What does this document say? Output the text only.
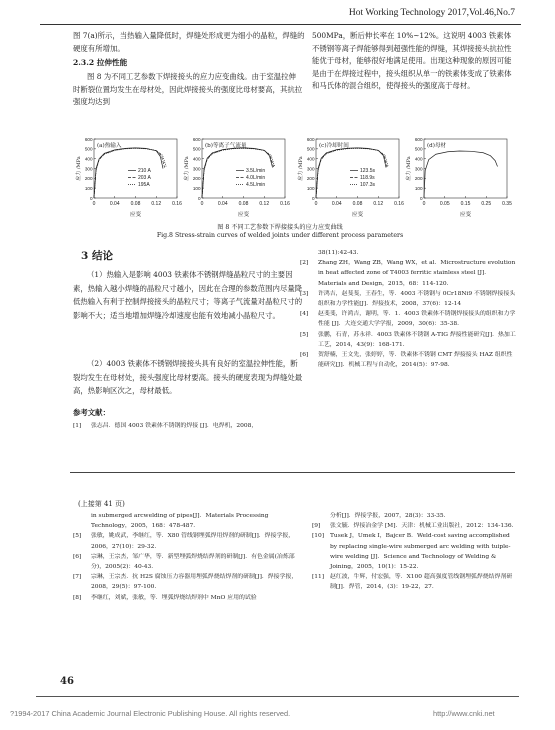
Hot Working Technology 2017,Vol.46,No.7
图 7(a)所示，当热输入量降低时，焊缝处形成更为细小的晶粒，焊缝的硬度有所增加。
2.3.2 拉伸性能
图 8 为不同工艺参数下焊接接头的应力应变曲线。由于室温拉伸时断裂位置均发生在母材处，因此焊接接头的强度比母材要高，其抗拉强度均达到
500MPa，断后伸长率在 10%~12%。这说明 4003 铁素体不锈钢等离子焊能够得到超强性能的焊缝，其焊接接头抗拉性能优于母材，能够很好地满足使用。出现这种现象的原因可能是由于在焊接过程中，接头组织从单一的铁素体变成了铁素体和马氏体的混合组织，使得接头的强度高于母材。
0
100
200
300
400
500
600
0	0.04 0.08 0.12 0.16
应变
应力 /MPa
(a)热输入
210 A
203 A
195A
0
100
200
300
400
500
600
0	0.04 0.08 0.12 0.16
应变
应力 /MPa
(b)等离子气流量
3.5L/min
4.0L/min
4.5L/min
0
100
200
300
400
500
600
0	0.04 0.08 0.12 0.16
应变
应力 /MPa
(c)冷却时间
123.5s
118.9s
107.3s
0
100
200
300
400
500
600
0	0.05 0.15 0.25 0.35
应变
应力 /MPa
(d)母材
图 8 不同工艺参数下焊接接头的应力应变曲线
Fig.8 Stress-strain curves of welded joints under different process parameters
3 结论
（1）热输入是影响 4003 铁素体不锈钢焊缝晶粒尺寸的主要因素，热输入越小焊缝的晶粒尺寸越小，因此在合理的参数范围内尽量降低热输入有利于控制焊接接头的晶粒尺寸；等离子气流量对晶粒尺寸的影响不大；适当地增加焊缝冷却速度也能有效地减小晶粒尺寸。
（2）4003 铁素体不锈钢焊接接头具有良好的室温拉伸性能，断裂均发生在母材处，接头强度比母材要高。接头的硬度表现为焊缝处最高，热影响区次之，母材最低。
参考文献：
[1]	张志昌．德国 4003 铁素体不锈钢的焊接 [J]．电焊机，2008，
38(11):42-43.
[2]	Zhang ZH，Wang ZB，Wang WX，et al．Microstructure evolution in heat affected zone of T4003 ferritic stainless steel [J]．Materials and Design，2015，68：114-120.
[3]	许鸿吉，赵斐斐，王春生，等．4003 不锈钢与 0Cr18Ni9 不锈钢焊接接头组织和力学性能[J]．焊接技术，2008，37(6)：12-14
[4]	赵斐斐，许鸿吉，谢明，等．1．4003 铁素体不锈钢焊接接头的组织和力学性能 [J]．大连交通大学学报，2009，30(6)：35-38.
[5]	张鹏，石青，苏永祥．4003 铁素体不锈钢 A-TIG 焊接性能研究[J]．热加工工艺，2014，43(9)：168-171.
[6]	贺舒楠，王文先，张婷婷，等．铁素体不锈钢 CMT 焊接接头 HAZ 组织性能研究[J]．机械工程与自动化，2014(5)：97-98.
(上接第 41 页)
in submerged arcwelding of pipes[J]．Materials Processing Technology，2005，168：478-487.
[5]	张敏，姚成武，李继红，等．X80 管线钢埋弧焊用焊剂的研制[J]．焊接学报，2006，27(10)：29-32.
[6]	宗琳，王宗杰，邹广华，等．新型埋弧焊烧结焊剂的研制[J]．有色金属(冶炼部分)，2005(2)：40-43.
[7]	宗琳，王宗杰．抗 H2S 腐蚀压力容器用埋弧焊烧结焊剂的研制[J]．焊接学报，2008，29(5)：97-100.
[8]	李继红，刘斌，张敏，等．埋弧焊烧结焊剂中 MnO 应用的试验
分析[J]．焊接学报，2007，28(3)：33-35.
[9]	张文毓．焊接冶金学 [M]．天津：机械工业出版社，2012：134-136.
[10]	Tusek J，Umek I，Bajcer B．Weld-cost saving accomplished by replacing single-wire submerged arc welding with tuiple-wire welding [J]．Science and Technology of Welding & Joining，2005，10(1)：15-22.
[11]	赵红波，牛辉，付宏强，等．X100 超高强度管线钢埋弧焊烧结焊剂研制[J]．焊管，2014，(3)：19-22，27.
46
?1994-2017 China Academic Journal Electronic Publishing House. All rights reserved.	http://www.cnki.net
